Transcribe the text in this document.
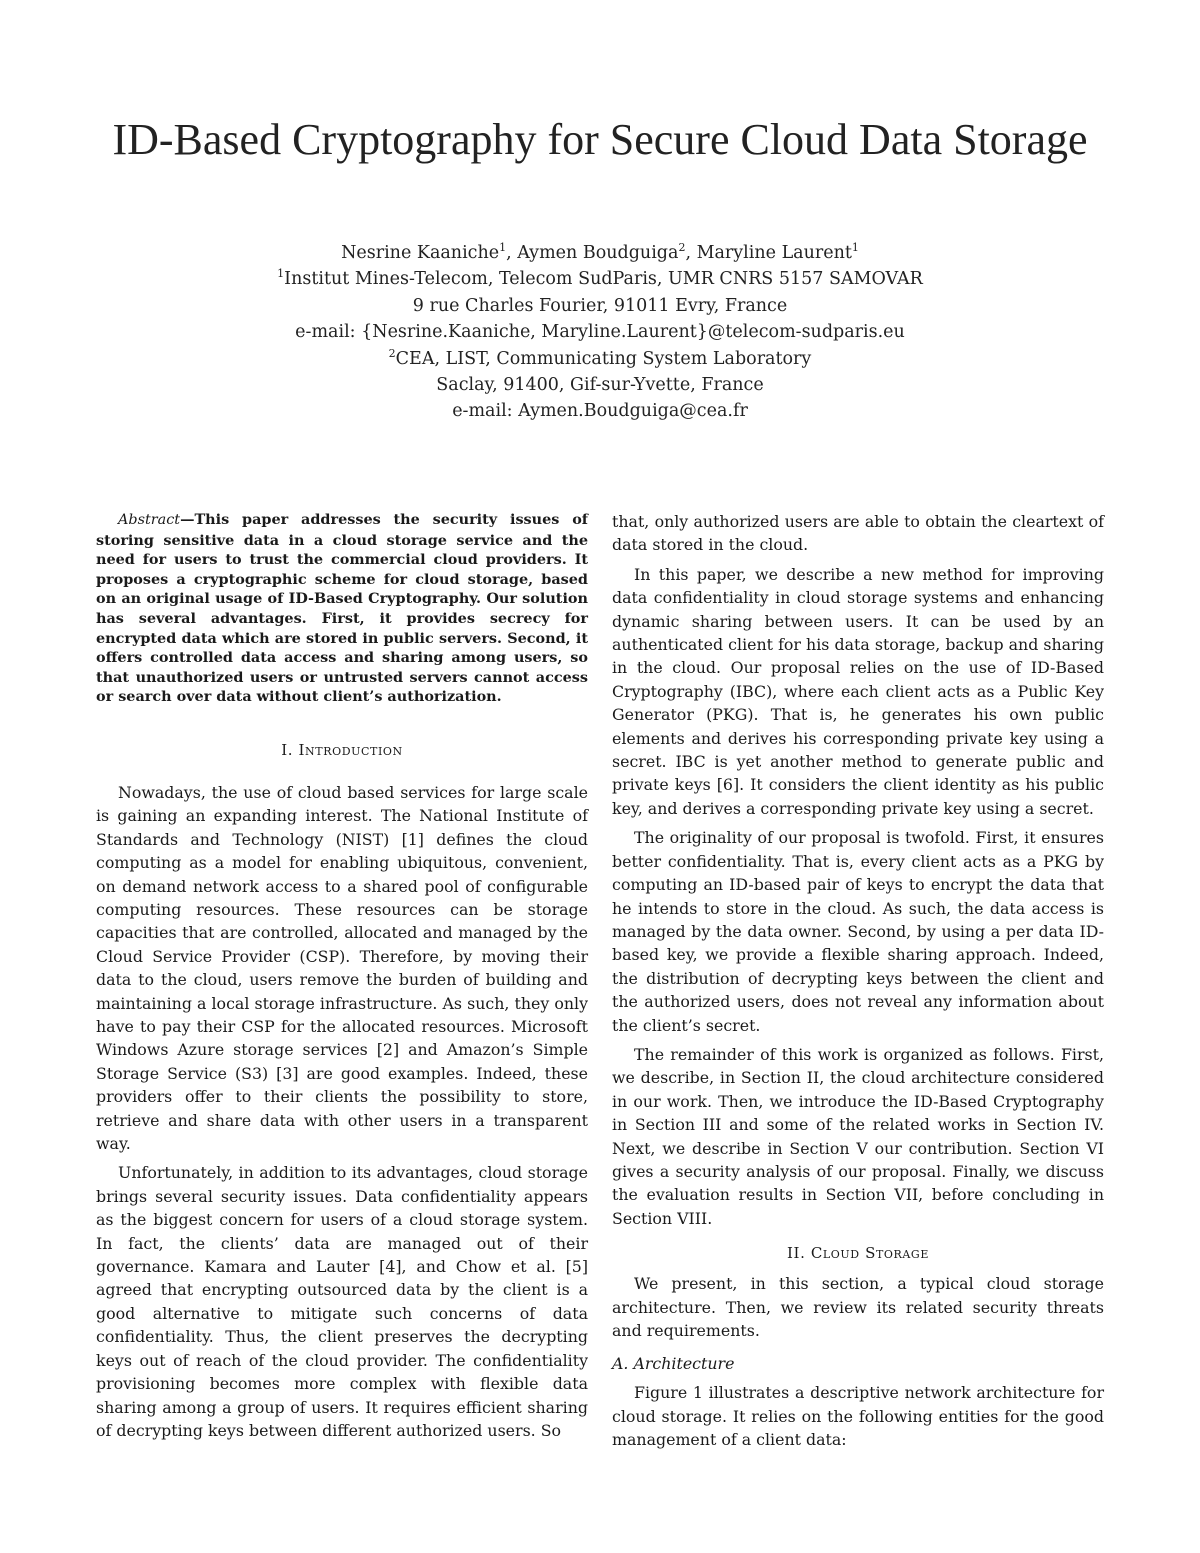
ID-Based Cryptography for Secure Cloud Data Storage
Nesrine Kaaniche$^1$, Aymen Boudguiga$^2$, Maryline Laurent$^1$
$^1$Institut Mines-Telecom, Telecom SudParis, UMR CNRS 5157 SAMOVAR
9 rue Charles Fourier, 91011 Evry, France
e-mail: {Nesrine.Kaaniche, Maryline.Laurent}@telecom-sudparis.eu
$^2$CEA, LIST, Communicating System Laboratory
Saclay, 91400, Gif-sur-Yvette, France
e-mail: Aymen.Boudguiga@cea.fr

Abstract—This paper addresses the security issues of storing sensitive data in a cloud storage service and the need for users to trust the commercial cloud providers. It proposes a cryptographic scheme for cloud storage, based on an original usage of ID-Based Cryptography. Our solution has several advantages. First, it provides secrecy for encrypted data which are stored in public servers. Second, it offers controlled data access and sharing among users, so that unauthorized users or untrusted servers cannot access or search over data without client’s authorization.

I. Introduction

Nowadays, the use of cloud based services for large scale is gaining an expanding interest. The National Institute of Standards and Technology (NIST) [1] defines the cloud computing as a model for enabling ubiquitous, convenient, on demand network access to a shared pool of configurable computing resources. These resources can be storage capacities that are controlled, allocated and managed by the Cloud Service Provider (CSP). Therefore, by moving their data to the cloud, users remove the burden of building and maintaining a local storage infrastructure. As such, they only have to pay their CSP for the allocated resources. Microsoft Windows Azure storage services [2] and Amazon’s Simple Storage Service (S3) [3] are good examples. Indeed, these providers offer to their clients the possibility to store, retrieve and share data with other users in a transparent way.

Unfortunately, in addition to its advantages, cloud storage brings several security issues. Data confidentiality appears as the biggest concern for users of a cloud storage system. In fact, the clients’ data are managed out of their governance. Kamara and Lauter [4], and Chow et al. [5] agreed that encrypting outsourced data by the client is a good alternative to mitigate such concerns of data confidentiality. Thus, the client preserves the decrypting keys out of reach of the cloud provider. The confidentiality provisioning becomes more complex with flexible data sharing among a group of users. It requires efficient sharing of decrypting keys between different authorized users. So

that, only authorized users are able to obtain the cleartext of data stored in the cloud.

In this paper, we describe a new method for improving data confidentiality in cloud storage systems and enhancing dynamic sharing between users. It can be used by an authenticated client for his data storage, backup and sharing in the cloud. Our proposal relies on the use of ID-Based Cryptography (IBC), where each client acts as a Public Key Generator (PKG). That is, he generates his own public elements and derives his corresponding private key using a secret. IBC is yet another method to generate public and private keys [6]. It considers the client identity as his public key, and derives a corresponding private key using a secret.

The originality of our proposal is twofold. First, it ensures better confidentiality. That is, every client acts as a PKG by computing an ID-based pair of keys to encrypt the data that he intends to store in the cloud. As such, the data access is managed by the data owner. Second, by using a per data ID-based key, we provide a flexible sharing approach. Indeed, the distribution of decrypting keys between the client and the authorized users, does not reveal any information about the client’s secret.

The remainder of this work is organized as follows. First, we describe, in Section II, the cloud architecture considered in our work. Then, we introduce the ID-Based Cryptography in Section III and some of the related works in Section IV. Next, we describe in Section V our contribution. Section VI gives a security analysis of our proposal. Finally, we discuss the evaluation results in Section VII, before concluding in Section VIII.

II. Cloud Storage

We present, in this section, a typical cloud storage architecture. Then, we review its related security threats and requirements.

A. Architecture

Figure 1 illustrates a descriptive network architecture for cloud storage. It relies on the following entities for the good management of a client data:
